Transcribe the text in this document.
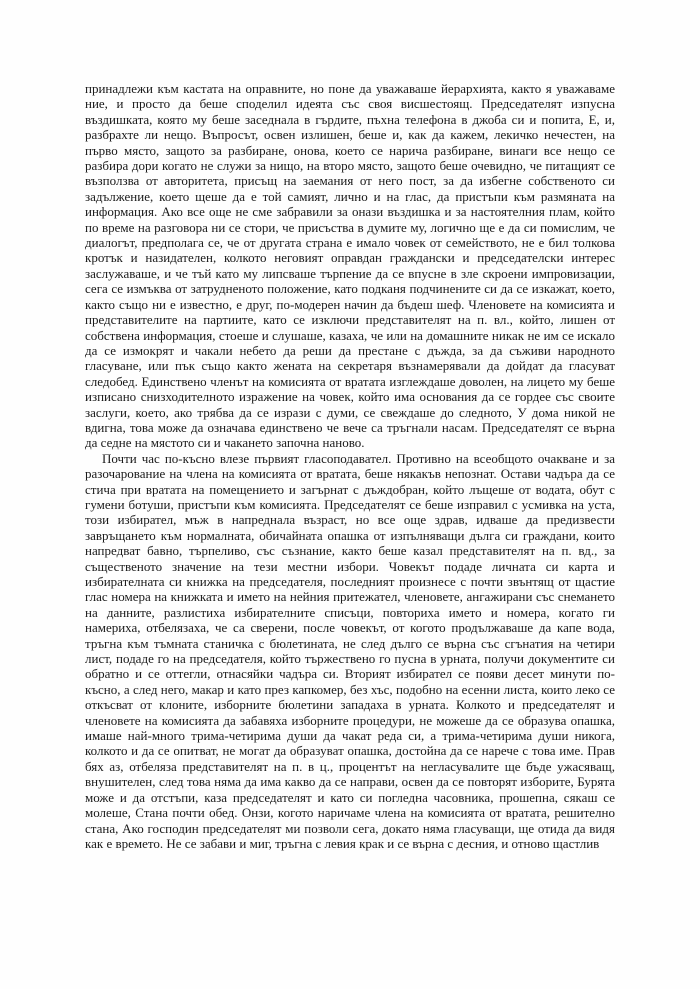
принадлежи към кастата на оправните, но поне да уважаваше йерархията, както я уважаваме ние, и просто да беше споделил идеята със своя висшестоящ. Председателят изпусна въздишката, която му беше заседнала в гърдите, пъхна телефона в джоба си и попита, Е, и, разбрахте ли нещо. Въпросът, освен излишен, беше и, как да кажем, лекичко нечестен, на първо място, защото за разбиране, онова, което се нарича разбиране, винаги все нещо се разбира дори когато не служи за нищо, на второ място, защото беше очевидно, че питащият се възползва от авторитета, присъщ на заемания от него пост, за да избегне собственото си задължение, което щеше да е той самият, лично и на глас, да пристъпи към размяната на информация. Ако все още не сме забравили за онази въздишка и за настоятелния плам, който по време на разговора ни се стори, че присъства в думите му, логично ще е да си помислим, че диалогът, предполага се, че от другата страна е имало човек от семейството, не е бил толкова кротък и назидателен, колкото неговият оправдан граждански и председателски интерес заслужаваше, и че тъй като му липсваше търпение да се впусне в зле скроени импровизации, сега се измъква от затрудненото положение, като подканя подчинените си да се изкажат, което, както също ни е известно, е друг, по-модерен начин да бъдеш шеф. Членовете на комисията и представителите на партиите, като се изключи представителят на п. вл., който, лишен от собствена информация, стоеше и слушаше, казаха, че или на домашните никак не им се искало да се измокрят и чакали небето да реши да престане с дъжда, за да съживи народното гласуване, или пък също както жената на секретаря възнамерявали да дойдат да гласуват следобед. Единствено членът на комисията от вратата изглеждаше доволен, на лицето му беше изписано снизходителното изражение на човек, който има основания да се гордее със своите заслуги, което, ако трябва да се изрази с думи, се свеждаше до следното, У дома никой не вдигна, това може да означава единствено че вече са тръгнали насам. Председателят се върна да седне на мястото си и чакането започна наново.

Почти час по-късно влезе първият гласоподавател. Противно на всеобщото очакване и за разочарование на члена на комисията от вратата, беше някакъв непознат. Остави чадъра да се стича при вратата на помещението и загърнат с дъждобран, който лъщеше от водата, обут с гумени ботуши, пристъпи към комисията. Председателят се беше изправил с усмивка на уста, този избирател, мъж в напреднала възраст, но все още здрав, идваше да предизвести завръщането към нормалната, обичайната опашка от изпълняващи дълга си граждани, които напредват бавно, търпеливо, със съзнание, както беше казал представителят на п. вд., за същественото значение на тези местни избори. Човекът подаде личната си карта и избирателната си книжка на председателя, последният произнесе с почти звънтящ от щастие глас номера на книжката и името на нейния притежател, членовете, ангажирани със снемането на данните, разлистиха избирателните списъци, повториха името и номера, когато ги намериха, отбелязаха, че са сверени, после човекът, от когото продължаваше да капе вода, тръгна към тъмната станичка с бюлетината, не след дълго се върна със сгънатия на четири лист, подаде го на председателя, който тържествено го пусна в урната, получи документите си обратно и се оттегли, отнасяйки чадъра си. Вторият избирател се появи десет минути по-късно, а след него, макар и като през капкомер, без хъс, подобно на есенни листа, които леко се откъсват от клоните, изборните бюлетини западаха в урната. Колкото и председателят и членовете на комисията да забавяха изборните процедури, не можеше да се образува опашка, имаше най-много трима-четирима души да чакат реда си, а трима-четирима души никога, колкото и да се опитват, не могат да образуват опашка, достойна да се нарече с това име. Прав бях аз, отбеляза представителят на п. в ц., процентът на негласувалите ще бъде ужасяващ, внушителен, след това няма да има какво да се направи, освен да се повторят изборите, Бурята може и да отстъпи, каза председателят и като си погледна часовника, прошепна, сякаш се молеше, Стана почти обед. Онзи, когото наричаме члена на комисията от вратата, решително стана, Ако господин председателят ми позволи сега, докато няма гласуващи, ще отида да видя как е времето. Не се забави и миг, тръгна с левия крак и се върна с десния, и отново щастлив
